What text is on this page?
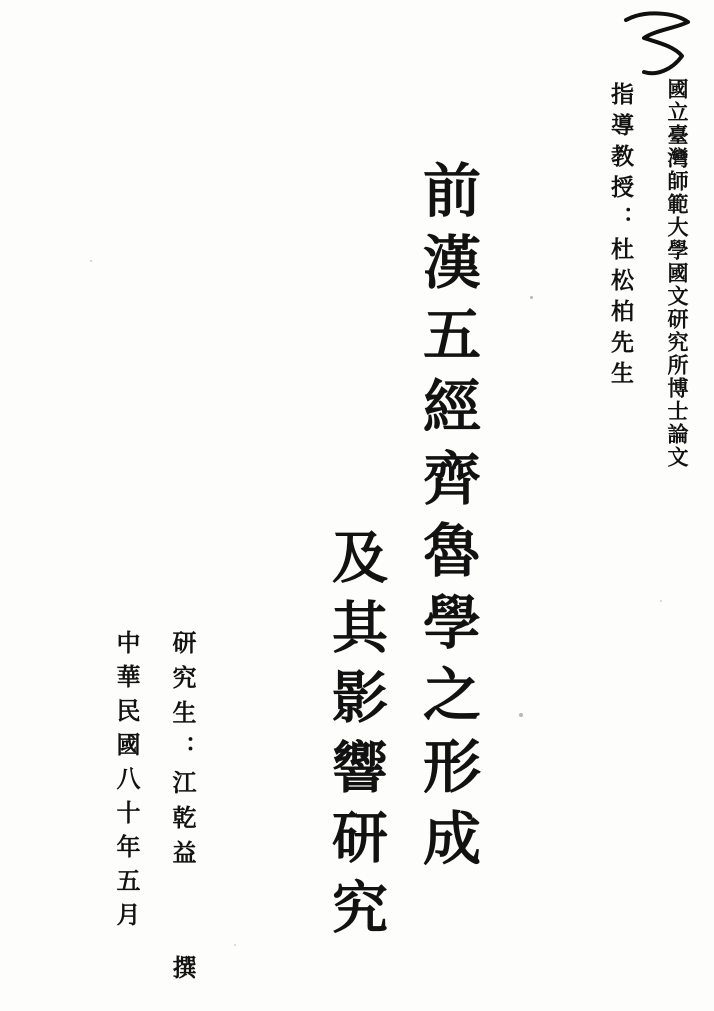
國立臺灣師範大學國文研究所博士論文
指導教授：杜松柏先生
前漢五經齊魯學之形成
及其影響研究
研究生：江乾益  撰
中華民國八十年五月
